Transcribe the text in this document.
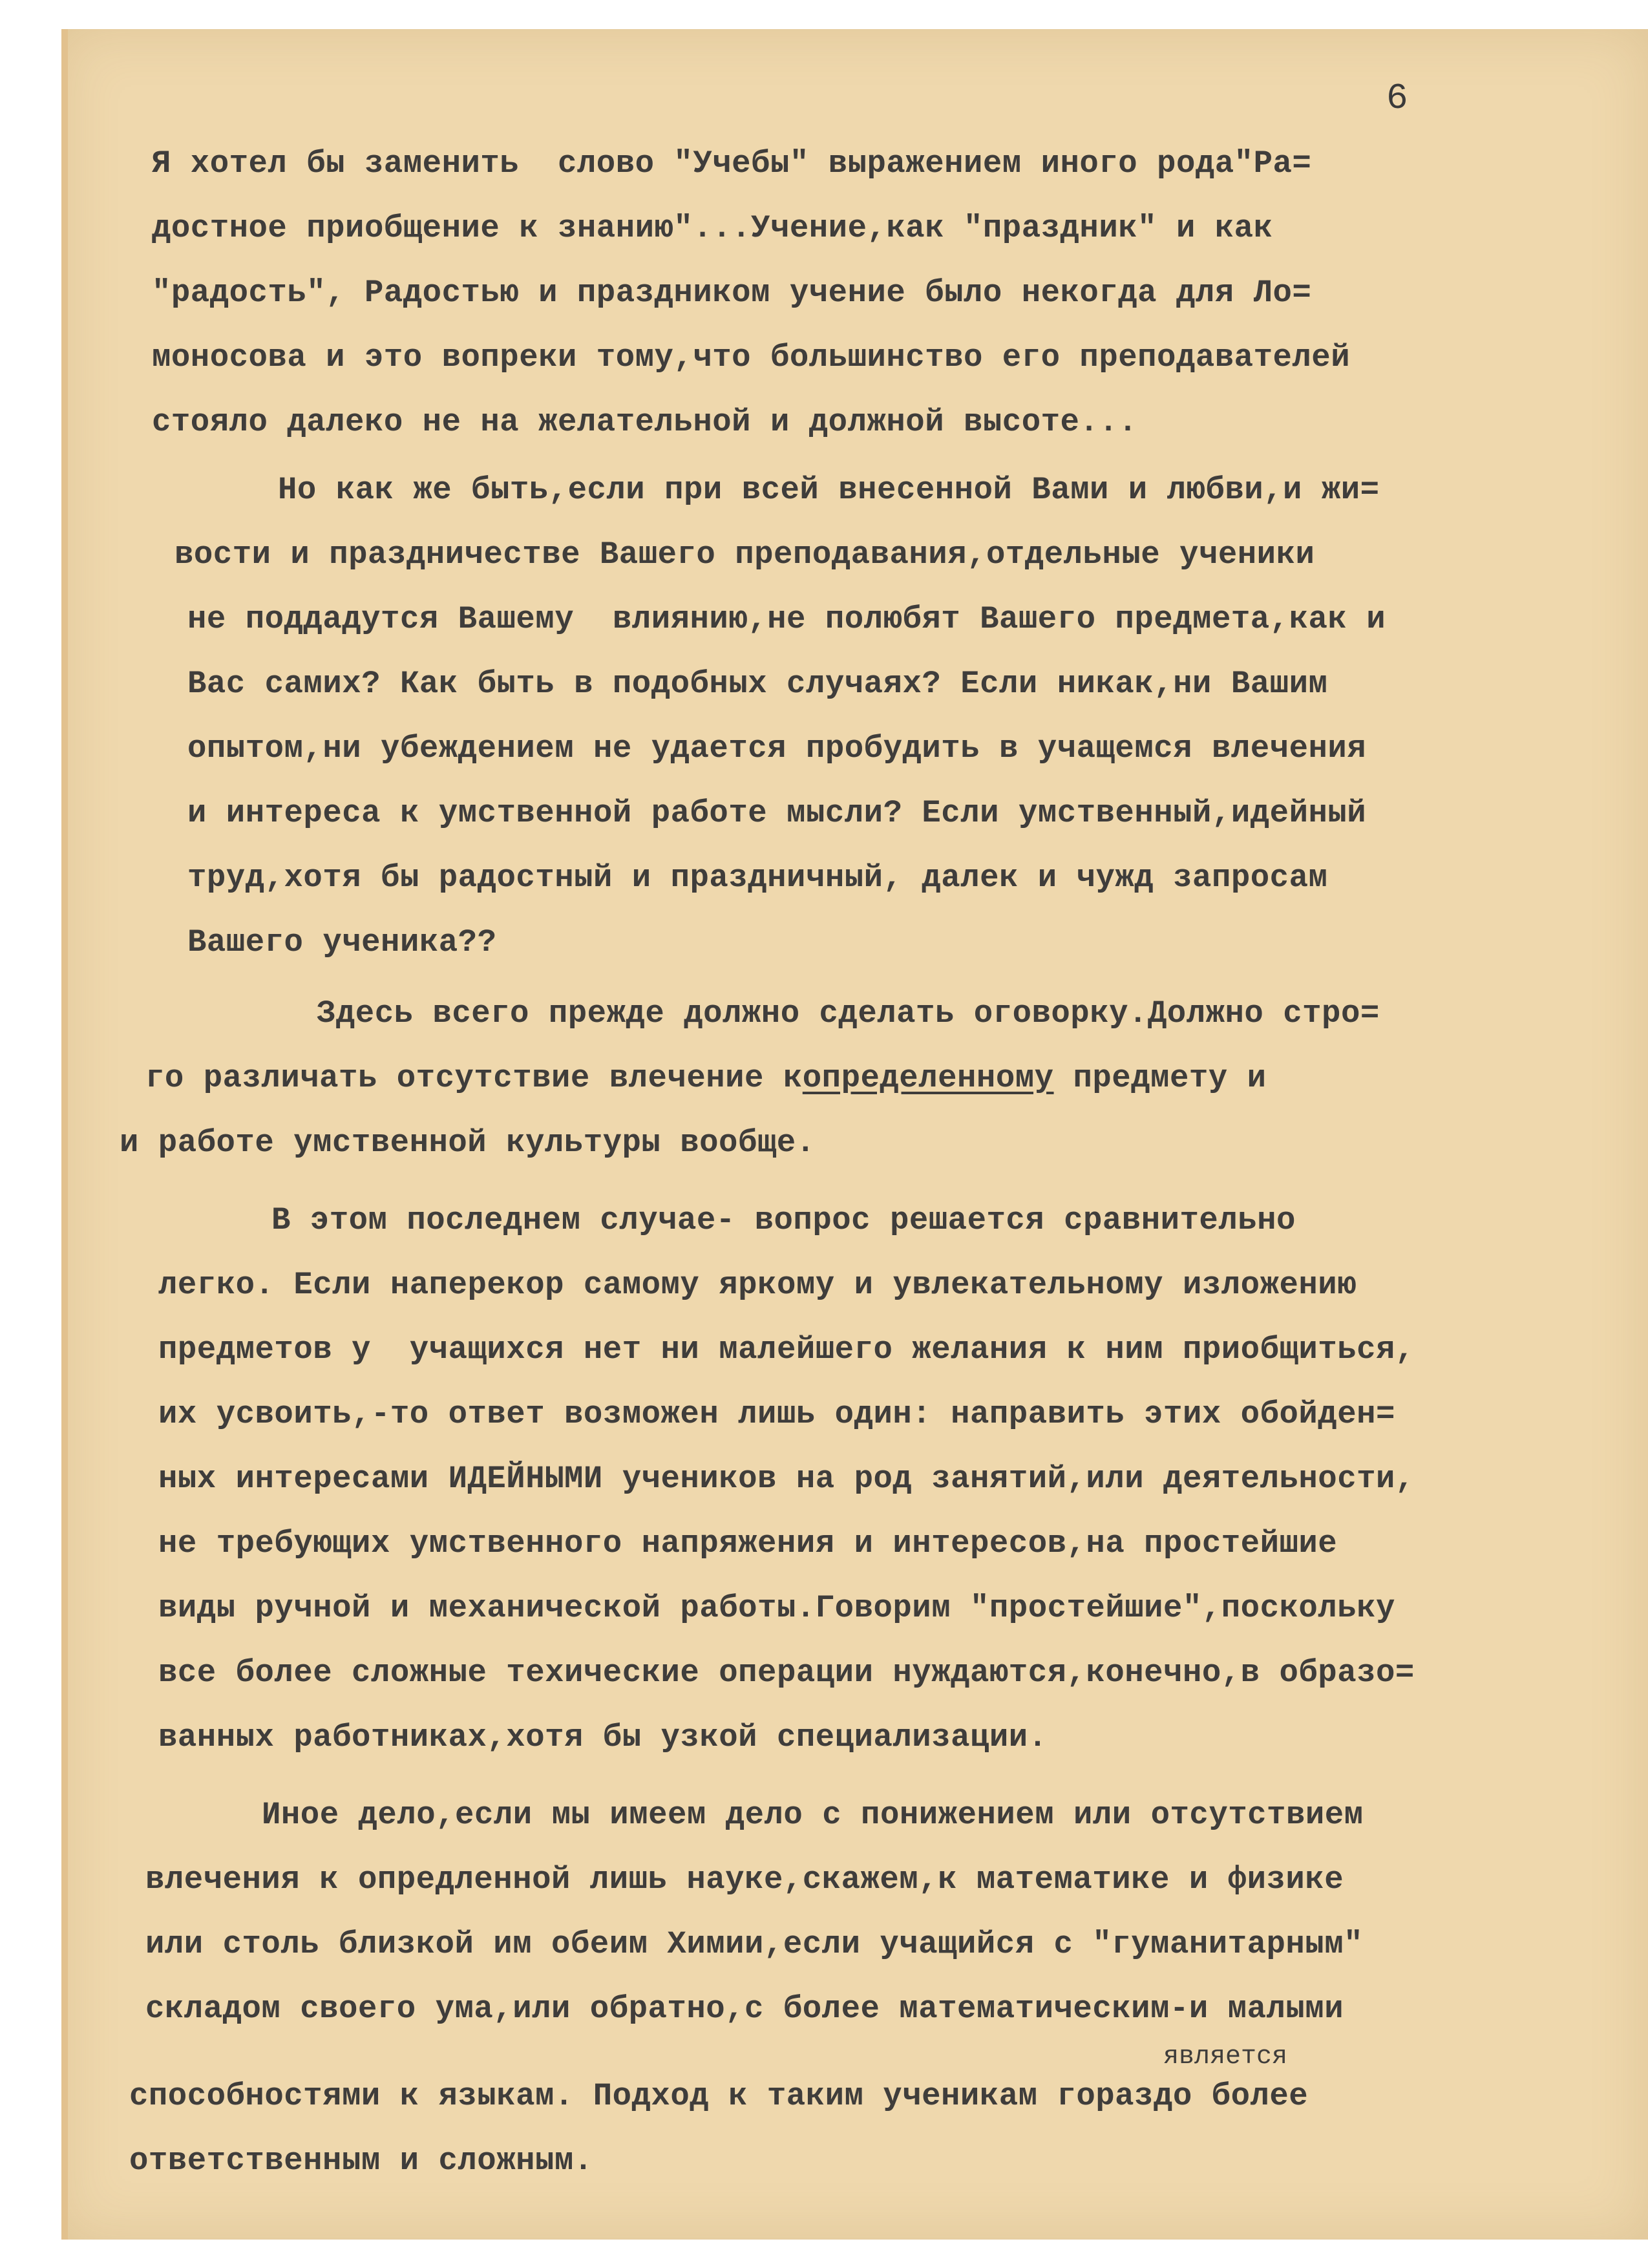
6
Я хотел бы заменить  слово "Учебы" выражением иного рода"Ра=
достное приобщение к знанию"...Учение,как "праздник" и как
"радость", Радостью и праздником учение было некогда для Ло=
моносова и это вопреки тому,что большинство его преподавателей
стояло далеко не на желательной и должной высоте...
Но как же быть,если при всей внесенной Вами и любви,и жи=
вости и праздничестве Вашего преподавания,отдельные ученики
не поддадутся Вашему  влиянию,не полюбят Вашего предмета,как и
Вас самих? Как быть в подобных случаях? Если никак,ни Вашим
опытом,ни убеждением не удается пробудить в учащемся влечения
и интереса к умственной работе мысли? Если умственный,идейный
труд,хотя бы радостный и праздничный, далек и чужд запросам
Вашего ученика??
Здесь всего прежде должно сделать оговорку.Должно стро=
го различать отсутствие влечение копределенному предмету и
и работе умственной культуры вообще.
В этом последнем случае- вопрос решается сравнительно
легко. Если наперекор самому яркому и увлекательному изложению
предметов у  учащихся нет ни малейшего желания к ним приобщиться,
их усвоить,-то ответ возможен лишь один: направить этих обойден=
ных интересами ИДЕЙНЫМИ учеников на род занятий,или деятельности,
не требующих умственного напряжения и интересов,на простейшие
виды ручной и механической работы.Говорим "простейшие",поскольку
все более сложные техические операции нуждаются,конечно,в образо=
ванных работниках,хотя бы узкой специализации.
Иное дело,если мы имеем дело с понижением или отсутствием
влечения к опредленной лишь науке,скажем,к математике и физике
или столь близкой им обеим Химии,если учащийся с "гуманитарным"
складом своего ума,или обратно,с более математическим-и малыми
способностями к языкам. Подход к таким ученикам гораздо более
ответственным и сложным.
является
